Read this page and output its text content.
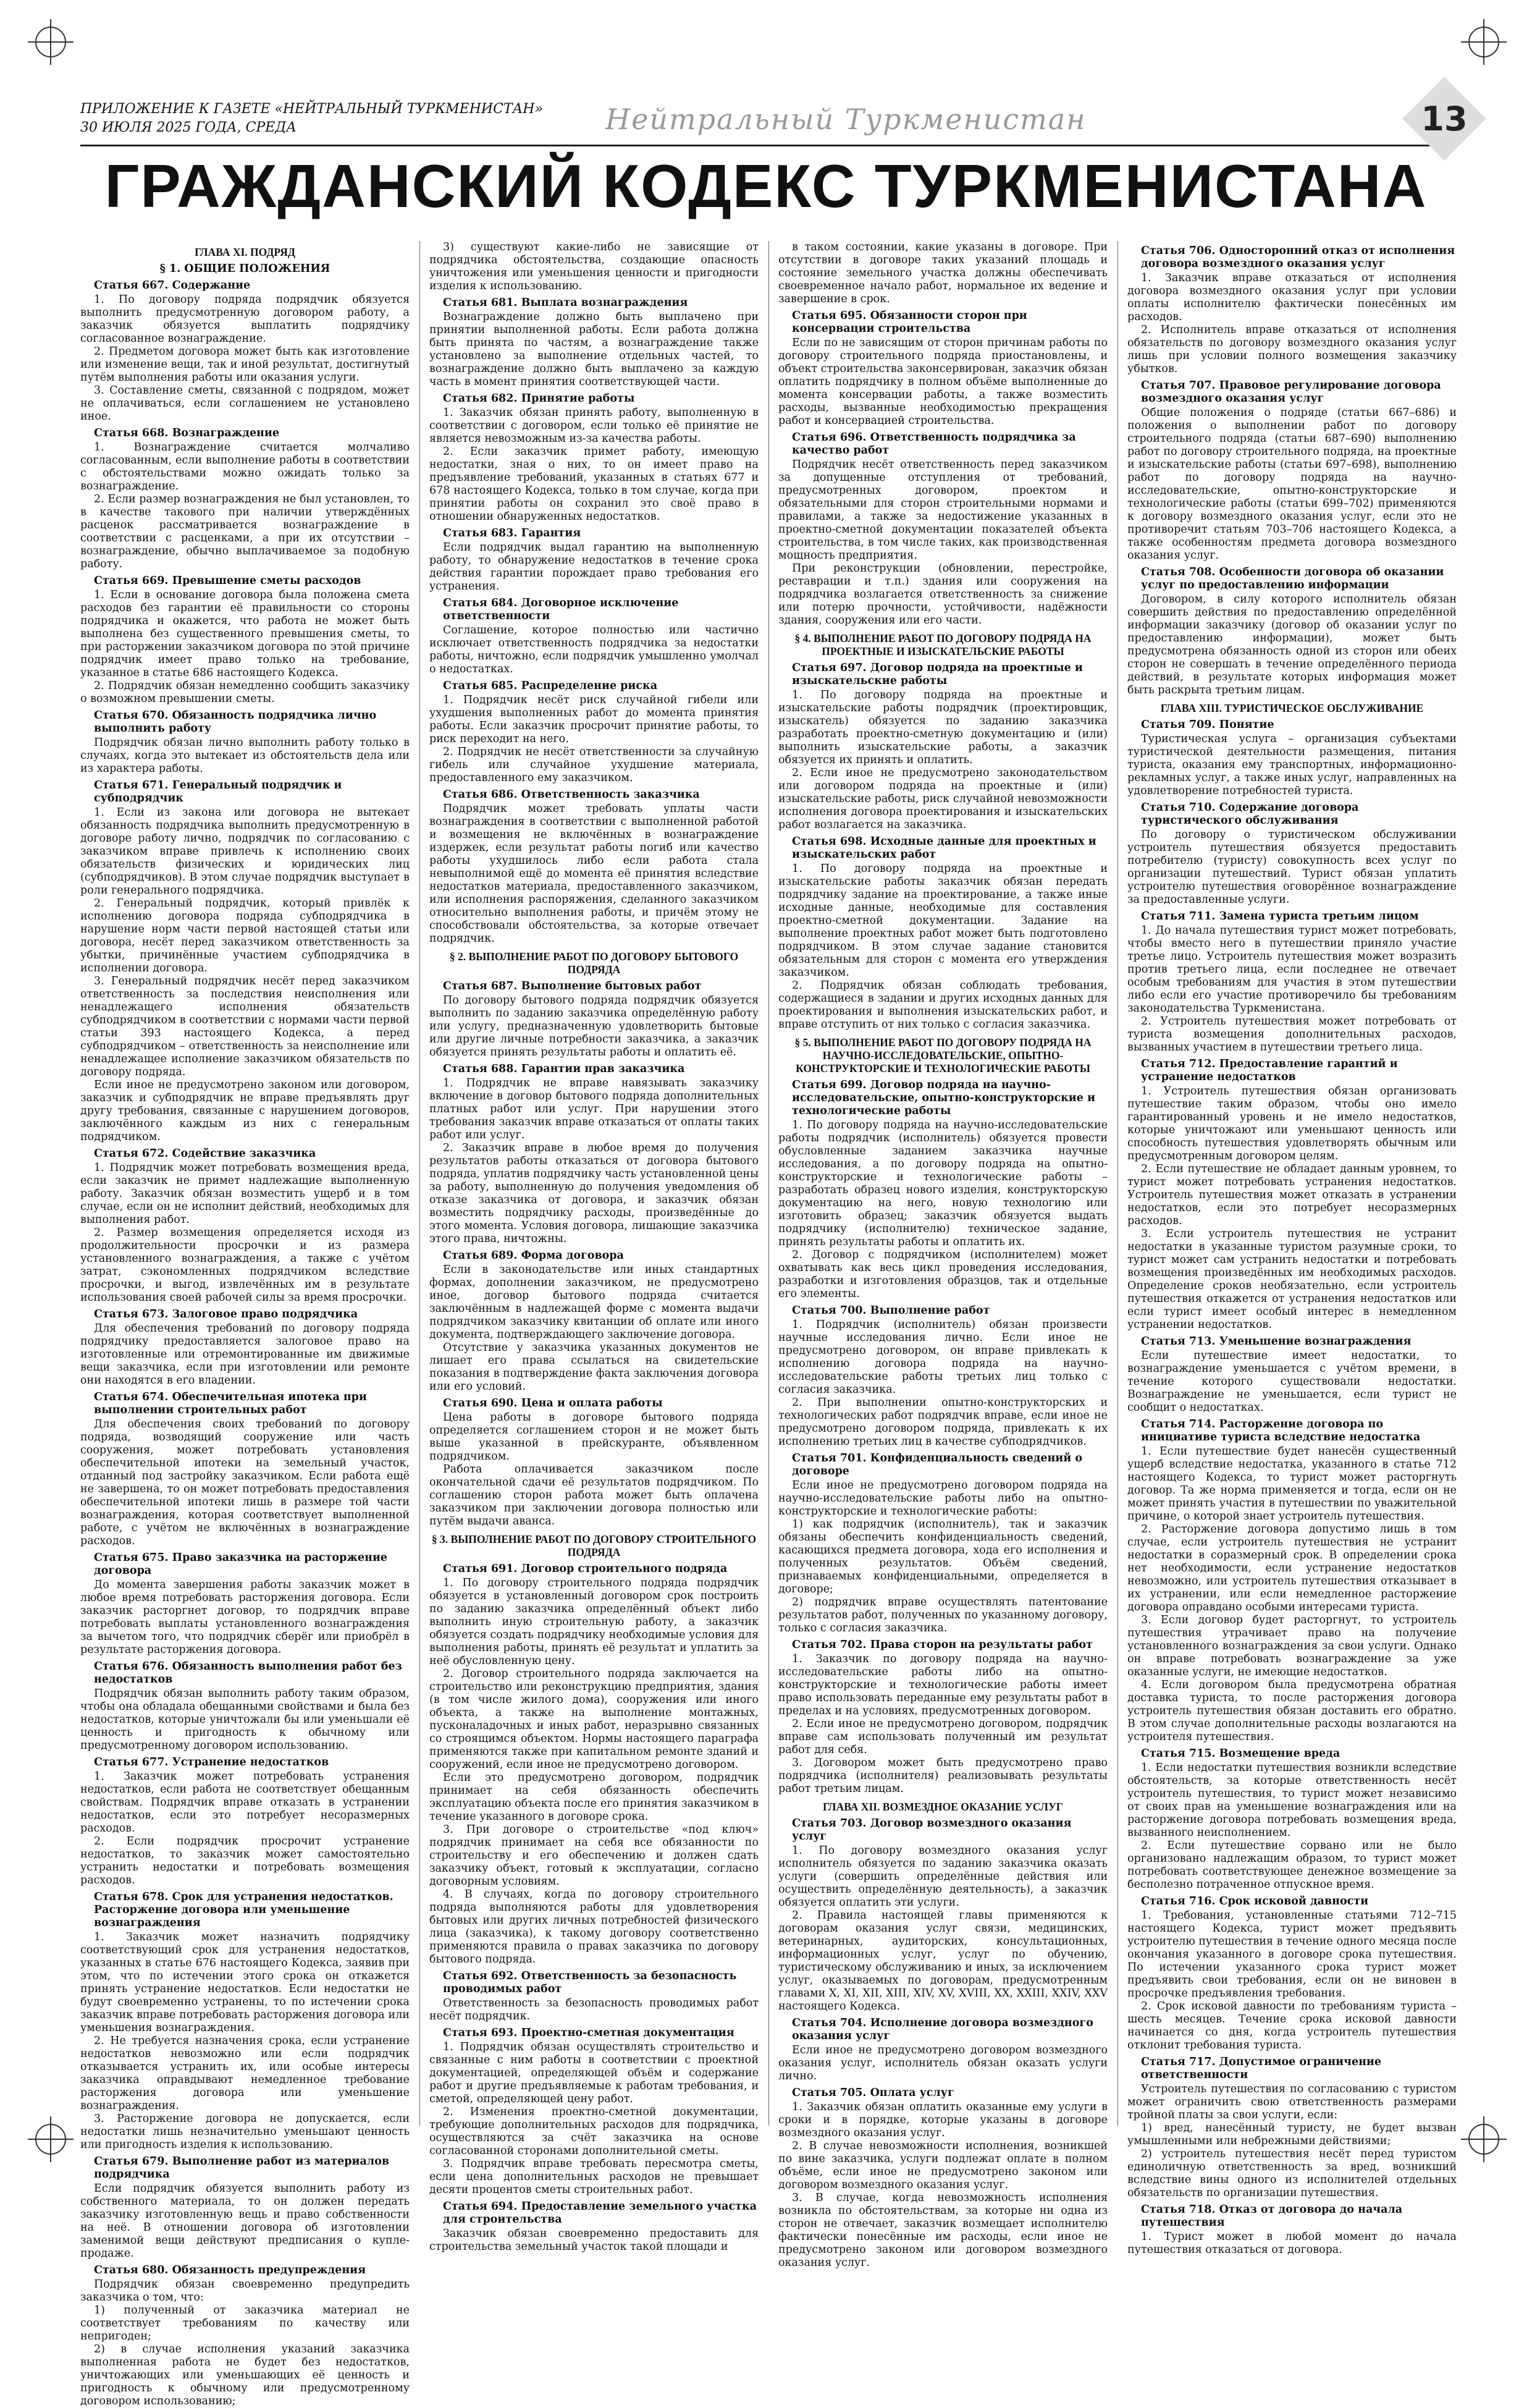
ПРИЛОЖЕНИЕ К ГАЗЕТЕ «НЕЙТРАЛЬНЫЙ ТУРКМЕНИСТАН»
30 ИЮЛЯ 2025 ГОДА, СРЕДА	Нейтральный Туркменистан	13
ГРАЖДАНСКИЙ КОДЕКС ТУРКМЕНИСТАНА
ГЛАВА XI. ПОДРЯД
§ 1. ОБЩИЕ ПОЛОЖЕНИЯ
Статья 667. Содержание

1. По договору подряда подрядчик обязуется выполнить предусмотренную договором работу, а заказчик обязуется выплатить подрядчику согласованное вознаграждение.

2. Предметом договора может быть как изготовление или изменение вещи, так и иной результат, достигнутый путём выполнения работы или оказания услуги.

3. Составление сметы, связанной с подрядом, может не оплачиваться, если соглашением не установлено иное.

Статья 668. Вознаграждение

1. Вознаграждение считается молчаливо согласованным, если выполнение работы в соответствии с обстоятельствами можно ожидать только за вознаграждение.

2. Если размер вознаграждения не был установлен, то в качестве такового при наличии утверждённых расценок рассматривается вознаграждение в соответствии с расценками, а при их отсутствии – вознаграждение, обычно выплачиваемое за подобную работу.

Статья 669. Превышение сметы расходов

1. Если в основание договора была положена смета расходов без гарантии её правильности со стороны подрядчика и окажется, что работа не может быть выполнена без существенного превышения сметы, то при расторжении заказчиком договора по этой причине подрядчик имеет право только на требование, указанное в статье 686 настоящего Кодекса.

2. Подрядчик обязан немедленно сообщить заказчику о возможном превышении сметы.

Статья 670. Обязанность подрядчика лично выполнить работу

Подрядчик обязан лично выполнить работу только в случаях, когда это вытекает из обстоятельств дела или из характера работы.

Статья 671. Генеральный подрядчик и субподрядчик

1. Если из закона или договора не вытекает обязанность подрядчика выполнить предусмотренную в договоре работу лично, подрядчик по согласованию с заказчиком вправе привлечь к исполнению своих обязательств физических и юридических лиц (субподрядчиков). В этом случае подрядчик выступает в роли генерального подрядчика.

2. Генеральный подрядчик, который привлёк к исполнению договора подряда субподрядчика в нарушение норм части первой настоящей статьи или договора, несёт перед заказчиком ответственность за убытки, причинённые участием субподрядчика в исполнении договора.

3. Генеральный подрядчик несёт перед заказчиком ответственность за последствия неисполнения или ненадлежащего исполнения обязательств субподрядчиком в соответствии с нормами части первой статьи 393 настоящего Кодекса, а перед субподрядчиком – ответственность за неисполнение или ненадлежащее исполнение заказчиком обязательств по договору подряда.

Если иное не предусмотрено законом или договором, заказчик и субподрядчик не вправе предъявлять друг другу требования, связанные с нарушением договоров, заключённого каждым из них с генеральным подрядчиком.

Статья 672. Содействие заказчика

1. Подрядчик может потребовать возмещения вреда, если заказчик не примет надлежащие выполненную работу. Заказчик обязан возместить ущерб и в том случае, если он не исполнит действий, необходимых для выполнения работ.

2. Размер возмещения определяется исходя из продолжительности просрочки и из размера установленного вознаграждения, а также с учётом затрат, сэкономленных подрядчиком вследствие просрочки, и выгод, извлечённых им в результате использования своей рабочей силы за время просрочки.

Статья 673. Залоговое право подрядчика

Для обеспечения требований по договору подряда подрядчику предоставляется залоговое право на изготовленные или отремонтированные им движимые вещи заказчика, если при изготовлении или ремонте они находятся в его владении.

Статья 674. Обеспечительная ипотека при выполнении строительных работ

Для обеспечения своих требований по договору подряда, возводящий сооружение или часть сооружения, может потребовать установления обеспечительной ипотеки на земельный участок, отданный под застройку заказчиком. Если работа ещё не завершена, то он может потребовать предоставления обеспечительной ипотеки лишь в размере той части вознаграждения, которая соответствует выполненной работе, с учётом не включённых в вознаграждение расходов.

Статья 675. Право заказчика на расторжение договора

До момента завершения работы заказчик может в любое время потребовать расторжения договора. Если заказчик расторгнет договор, то подрядчик вправе потребовать выплаты установленного вознаграждения за вычетом того, что подрядчик сберёг или приобрёл в результате расторжения договора.

Статья 676. Обязанность выполнения работ без недостатков

Подрядчик обязан выполнить работу таким образом, чтобы она обладала обещанными свойствами и была без недостатков, которые уничтожали бы или уменьшали её ценность и пригодность к обычному или предусмотренному договором использованию.

Статья 677. Устранение недостатков

1. Заказчик может потребовать устранения недостатков, если работа не соответствует обещанным свойствам. Подрядчик вправе отказать в устранении недостатков, если это потребует несоразмерных расходов.

2. Если подрядчик просрочит устранение недостатков, то заказчик может самостоятельно устранить недостатки и потребовать возмещения расходов.

Статья 678. Срок для устранения недостатков. Расторжение договора или уменьшение вознаграждения

1. Заказчик может назначить подрядчику соответствующий срок для устранения недостатков, указанных в статье 676 настоящего Кодекса, заявив при этом, что по истечении этого срока он откажется принять устранение недостатков. Если недостатки не будут своевременно устранены, то по истечении срока заказчик вправе потребовать расторжения договора или уменьшения вознаграждения.

2. Не требуется назначения срока, если устранение недостатков невозможно или если подрядчик отказывается устранить их, или особые интересы заказчика оправдывают немедленное требование расторжения договора или уменьшение вознаграждения.

3. Расторжение договора не допускается, если недостатки лишь незначительно уменьшают ценность или пригодность изделия к использованию.

Статья 679. Выполнение работ из материалов подрядчика

Если подрядчик обязуется выполнить работу из собственного материала, то он должен передать заказчику изготовленную вещь и право собственности на неё. В отношении договора об изготовлении заменимой вещи действуют предписания о купле-продаже.

Статья 680. Обязанность предупреждения

Подрядчик обязан своевременно предупредить заказчика о том, что:

1) полученный от заказчика материал не соответствует требованиям по качеству или непригоден;

2) в случае исполнения указаний заказчика выполненная работа не будет без недостатков, уничтожающих или уменьшающих её ценность и пригодность к обычному или предусмотренному договором использованию;

3) существуют какие-либо не зависящие от подрядчика обстоятельства, создающие опасность уничтожения или уменьшения ценности и пригодности изделия к использованию.

Статья 681. Выплата вознаграждения

Вознаграждение должно быть выплачено при принятии выполненной работы. Если работа должна быть принята по частям, а вознаграждение также установлено за выполнение отдельных частей, то вознаграждение должно быть выплачено за каждую часть в момент принятия соответствующей части.

Статья 682. Принятие работы

1. Заказчик обязан принять работу, выполненную в соответствии с договором, если только её принятие не является невозможным из-за качества работы.

2. Если заказчик примет работу, имеющую недостатки, зная о них, то он имеет право на предъявление требований, указанных в статьях 677 и 678 настоящего Кодекса, только в том случае, когда при принятии работы он сохранил это своё право в отношении обнаруженных недостатков.

Статья 683. Гарантия

Если подрядчик выдал гарантию на выполненную работу, то обнаружение недостатков в течение срока действия гарантии порождает право требования его устранения.

Статья 684. Договорное исключение ответственности

Соглашение, которое полностью или частично исключает ответственность подрядчика за недостатки работы, ничтожно, если подрядчик умышленно умолчал о недостатках.

Статья 685. Распределение риска

1. Подрядчик несёт риск случайной гибели или ухудшения выполненных работ до момента принятия работы. Если заказчик просрочит принятие работы, то риск переходит на него.

2. Подрядчик не несёт ответственности за случайную гибель или случайное ухудшение материала, предоставленного ему заказчиком.

Статья 686. Ответственность заказчика

Подрядчик может требовать уплаты части вознаграждения в соответствии с выполненной работой и возмещения не включённых в вознаграждение издержек, если результат работы погиб или качество работы ухудшилось либо если работа стала невыполнимой ещё до момента её принятия вследствие недостатков материала, предоставленного заказчиком, или исполнения распоряжения, сделанного заказчиком относительно выполнения работы, и причём этому не способствовали обстоятельства, за которые отвечает подрядчик.

§ 2. ВЫПОЛНЕНИЕ РАБОТ ПО ДОГОВОРУ БЫТОВОГО ПОДРЯДА
Статья 687. Выполнение бытовых работ

По договору бытового подряда подрядчик обязуется выполнить по заданию заказчика определённую работу или услугу, предназначенную удовлетворить бытовые или другие личные потребности заказчика, а заказчик обязуется принять результаты работы и оплатить её.

Статья 688. Гарантии прав заказчика

1. Подрядчик не вправе навязывать заказчику включение в договор бытового подряда дополнительных платных работ или услуг. При нарушении этого требования заказчик вправе отказаться от оплаты таких работ или услуг.

2. Заказчик вправе в любое время до получения результатов работы отказаться от договора бытового подряда, уплатив подрядчику часть установленной цены за работу, выполненную до получения уведомления об отказе заказчика от договора, и заказчик обязан возместить подрядчику расходы, произведённые до этого момента. Условия договора, лишающие заказчика этого права, ничтожны.

Статья 689. Форма договора

Если в законодательстве или иных стандартных формах, дополнении заказчиком, не предусмотрено иное, договор бытового подряда считается заключённым в надлежащей форме с момента выдачи подрядчиком заказчику квитанции об оплате или иного документа, подтверждающего заключение договора.

Отсутствие у заказчика указанных документов не лишает его права ссылаться на свидетельские показания в подтверждение факта заключения договора или его условий.

Статья 690. Цена и оплата работы

Цена работы в договоре бытового подряда определяется соглашением сторон и не может быть выше указанной в прейскуранте, объявленном подрядчиком.

Работа оплачивается заказчиком после окончательной сдачи её результатов подрядчиком. По соглашению сторон работа может быть оплачена заказчиком при заключении договора полностью или путём выдачи аванса.

§ 3. ВЫПОЛНЕНИЕ РАБОТ ПО ДОГОВОРУ СТРОИТЕЛЬНОГО ПОДРЯДА
Статья 691. Договор строительного подряда

1. По договору строительного подряда подрядчик обязуется в установленный договором срок построить по заданию заказчика определённый объект либо выполнить иную строительную работу, а заказчик обязуется создать подрядчику необходимые условия для выполнения работы, принять её результат и уплатить за неё обусловленную цену.

2. Договор строительного подряда заключается на строительство или реконструкцию предприятия, здания (в том числе жилого дома), сооружения или иного объекта, а также на выполнение монтажных, пусконаладочных и иных работ, неразрывно связанных со строящимся объектом. Нормы настоящего параграфа применяются также при капитальном ремонте зданий и сооружений, если иное не предусмотрено договором.

Если это предусмотрено договором, подрядчик принимает на себя обязанность обеспечить эксплуатацию объекта после его принятия заказчиком в течение указанного в договоре срока.

3. При договоре о строительстве «под ключ» подрядчик принимает на себя все обязанности по строительству и его обеспечению и должен сдать заказчику объект, готовый к эксплуатации, согласно договорным условиям.

4. В случаях, когда по договору строительного подряда выполняются работы для удовлетворения бытовых или других личных потребностей физического лица (заказчика), к такому договору соответственно применяются правила о правах заказчика по договору бытового подряда.

Статья 692. Ответственность за безопасность проводимых работ

Ответственность за безопасность проводимых работ несёт подрядчик.

Статья 693. Проектно-сметная документация

1. Подрядчик обязан осуществлять строительство и связанные с ним работы в соответствии с проектной документацией, определяющей объём и содержание работ и другие предъявляемые к работам требования, и сметой, определяющей цену работ.

2. Изменения проектно-сметной документации, требующие дополнительных расходов для подрядчика, осуществляются за счёт заказчика на основе согласованной сторонами дополнительной сметы.

3. Подрядчик вправе требовать пересмотра сметы, если цена дополнительных расходов не превышает десяти процентов сметы строительных работ.

Статья 694. Предоставление земельного участка для строительства

Заказчик обязан своевременно предоставить для строительства земельный участок такой площади и

в таком состоянии, какие указаны в договоре. При отсутствии в договоре таких указаний площадь и состояние земельного участка должны обеспечивать своевременное начало работ, нормальное их ведение и завершение в срок.

Статья 695. Обязанности сторон при консервации строительства

Если по не зависящим от сторон причинам работы по договору строительного подряда приостановлены, и объект строительства законсервирован, заказчик обязан оплатить подрядчику в полном объёме выполненные до момента консервации работы, а также возместить расходы, вызванные необходимостью прекращения работ и консервацией строительства.

Статья 696. Ответственность подрядчика за качество работ

Подрядчик несёт ответственность перед заказчиком за допущенные отступления от требований, предусмотренных договором, проектом и обязательными для сторон строительными нормами и правилами, а также за недостижение указанных в проектно-сметной документации показателей объекта строительства, в том числе таких, как производственная мощность предприятия.

При реконструкции (обновлении, перестройке, реставрации и т.п.) здания или сооружения на подрядчика возлагается ответственность за снижение или потерю прочности, устойчивости, надёжности здания, сооружения или его части.

§ 4. ВЫПОЛНЕНИЕ РАБОТ ПО ДОГОВОРУ ПОДРЯДА НА ПРОЕКТНЫЕ И ИЗЫСКАТЕЛЬСКИЕ РАБОТЫ
Статья 697. Договор подряда на проектные и изыскательские работы

1. По договору подряда на проектные и изыскательские работы подрядчик (проектировщик, изыскатель) обязуется по заданию заказчика разработать проектно-сметную документацию и (или) выполнить изыскательские работы, а заказчик обязуется их принять и оплатить.

2. Если иное не предусмотрено законодательством или договором подряда на проектные и (или) изыскательские работы, риск случайной невозможности исполнения договора проектирования и изыскательских работ возлагается на заказчика.

Статья 698. Исходные данные для проектных и изыскательских работ

1. По договору подряда на проектные и изыскательские работы заказчик обязан передать подрядчику задание на проектирование, а также иные исходные данные, необходимые для составления проектно-сметной документации. Задание на выполнение проектных работ может быть подготовлено подрядчиком. В этом случае задание становится обязательным для сторон с момента его утверждения заказчиком.

2. Подрядчик обязан соблюдать требования, содержащиеся в задании и других исходных данных для проектирования и выполнения изыскательских работ, и вправе отступить от них только с согласия заказчика.

§ 5. ВЫПОЛНЕНИЕ РАБОТ ПО ДОГОВОРУ ПОДРЯДА НА НАУЧНО-ИССЛЕДОВАТЕЛЬСКИЕ, ОПЫТНО-КОНСТРУКТОРСКИЕ И ТЕХНОЛОГИЧЕСКИЕ РАБОТЫ
Статья 699. Договор подряда на научно-исследовательские, опытно-конструкторские и технологические работы

1. По договору подряда на научно-исследовательские работы подрядчик (исполнитель) обязуется провести обусловленные заданием заказчика научные исследования, а по договору подряда на опытно-конструкторские и технологические работы – разработать образец нового изделия, конструкторскую документацию на него, новую технологию или изготовить образец; заказчик обязуется выдать подрядчику (исполнителю) техническое задание, принять результаты работы и оплатить их.

2. Договор с подрядчиком (исполнителем) может охватывать как весь цикл проведения исследования, разработки и изготовления образцов, так и отдельные его элементы.

Статья 700. Выполнение работ

1. Подрядчик (исполнитель) обязан произвести научные исследования лично. Если иное не предусмотрено договором, он вправе привлекать к исполнению договора подряда на научно-исследовательские работы третьих лиц только с согласия заказчика.

2. При выполнении опытно-конструкторских и технологических работ подрядчик вправе, если иное не предусмотрено договором подряда, привлекать к их исполнению третьих лиц в качестве субподрядчиков.

Статья 701. Конфиденциальность сведений о договоре

Если иное не предусмотрено договором подряда на научно-исследовательские работы либо на опытно-конструкторские и технологические работы:

1) как подрядчик (исполнитель), так и заказчик обязаны обеспечить конфиденциальность сведений, касающихся предмета договора, хода его исполнения и полученных результатов. Объём сведений, признаваемых конфиденциальными, определяется в договоре;

2) подрядчик вправе осуществлять патентование результатов работ, полученных по указанному договору, только с согласия заказчика.

Статья 702. Права сторон на результаты работ

1. Заказчик по договору подряда на научно-исследовательские работы либо на опытно-конструкторские и технологические работы имеет право использовать переданные ему результаты работ в пределах и на условиях, предусмотренных договором.

2. Если иное не предусмотрено договором, подрядчик вправе сам использовать полученный им результат работ для себя.

3. Договором может быть предусмотрено право подрядчика (исполнителя) реализовывать результаты работ третьим лицам.

ГЛАВА XII. ВОЗМЕЗДНОЕ ОКАЗАНИЕ УСЛУГ
Статья 703. Договор возмездного оказания услуг

1. По договору возмездного оказания услуг исполнитель обязуется по заданию заказчика оказать услуги (совершить определённые действия или осуществить определённую деятельность), а заказчик обязуется оплатить эти услуги.

2. Правила настоящей главы применяются к договорам оказания услуг связи, медицинских, ветеринарных, аудиторских, консультационных, информационных услуг, услуг по обучению, туристическому обслуживанию и иных, за исключением услуг, оказываемых по договорам, предусмотренным главами X, XI, XII, XIII, XIV, XV, XVIII, XX, XXIII, XXIV, XXV настоящего Кодекса.

Статья 704. Исполнение договора возмездного оказания услуг

Если иное не предусмотрено договором возмездного оказания услуг, исполнитель обязан оказать услуги лично.

Статья 705. Оплата услуг

1. Заказчик обязан оплатить оказанные ему услуги в сроки и в порядке, которые указаны в договоре возмездного оказания услуг.

2. В случае невозможности исполнения, возникшей по вине заказчика, услуги подлежат оплате в полном объёме, если иное не предусмотрено законом или договором возмездного оказания услуг.

3. В случае, когда невозможность исполнения возникла по обстоятельствам, за которые ни одна из сторон не отвечает, заказчик возмещает исполнителю фактически понесённые им расходы, если иное не предусмотрено законом или договором возмездного оказания услуг.

Статья 706. Односторонний отказ от исполнения договора возмездного оказания услуг

1. Заказчик вправе отказаться от исполнения договора возмездного оказания услуг при условии оплаты исполнителю фактически понесённых им расходов.

2. Исполнитель вправе отказаться от исполнения обязательств по договору возмездного оказания услуг лишь при условии полного возмещения заказчику убытков.

Статья 707. Правовое регулирование договора возмездного оказания услуг

Общие положения о подряде (статьи 667–686) и положения о выполнении работ по договору строительного подряда (статьи 687–690) выполнению работ по договору строительного подряда, на проектные и изыскательские работы (статьи 697–698), выполнению работ по договору подряда на научно-исследовательские, опытно-конструкторские и технологические работы (статьи 699–702) применяются к договору возмездного оказания услуг, если это не противоречит статьям 703–706 настоящего Кодекса, а также особенностям предмета договора возмездного оказания услуг.

Статья 708. Особенности договора об оказании услуг по предоставлению информации

Договором, в силу которого исполнитель обязан совершить действия по предоставлению определённой информации заказчику (договор об оказании услуг по предоставлению информации), может быть предусмотрена обязанность одной из сторон или обеих сторон не совершать в течение определённого периода действий, в результате которых информация может быть раскрыта третьим лицам.

ГЛАВА XIII. ТУРИСТИЧЕСКОЕ ОБСЛУЖИВАНИЕ
Статья 709. Понятие

Туристическая услуга – организация субъектами туристической деятельности размещения, питания туриста, оказания ему транспортных, информационно-рекламных услуг, а также иных услуг, направленных на удовлетворение потребностей туриста.

Статья 710. Содержание договора туристического обслуживания

По договору о туристическом обслуживании устроитель путешествия обязуется предоставить потребителю (туристу) совокупность всех услуг по организации путешествий. Турист обязан уплатить устроителю путешествия оговорённое вознаграждение за предоставленные услуги.

Статья 711. Замена туриста третьим лицом

1. До начала путешествия турист может потребовать, чтобы вместо него в путешествии приняло участие третье лицо. Устроитель путешествия может возразить против третьего лица, если последнее не отвечает особым требованиям для участия в этом путешествии либо если его участие противоречило бы требованиям законодательства Туркменистана.

2. Устроитель путешествия может потребовать от туриста возмещения дополнительных расходов, вызванных участием в путешествии третьего лица.

Статья 712. Предоставление гарантий и устранение недостатков

1. Устроитель путешествия обязан организовать путешествие таким образом, чтобы оно имело гарантированный уровень и не имело недостатков, которые уничтожают или уменьшают ценность или способность путешествия удовлетворять обычным или предусмотренным договором целям.

2. Если путешествие не обладает данным уровнем, то турист может потребовать устранения недостатков. Устроитель путешествия может отказать в устранении недостатков, если это потребует несоразмерных расходов.

3. Если устроитель путешествия не устранит недостатки в указанные туристом разумные сроки, то турист может сам устранить недостатки и потребовать возмещения произведённых им необходимых расходов. Определение сроков необязательно, если устроитель путешествия откажется от устранения недостатков или если турист имеет особый интерес в немедленном устранении недостатков.

Статья 713. Уменьшение вознаграждения

Если путешествие имеет недостатки, то вознаграждение уменьшается с учётом времени, в течение которого существовали недостатки. Вознаграждение не уменьшается, если турист не сообщит о недостатках.

Статья 714. Расторжение договора по инициативе туриста вследствие недостатка

1. Если путешествие будет нанесён существенный ущерб вследствие недостатка, указанного в статье 712 настоящего Кодекса, то турист может расторгнуть договор. Та же норма применяется и тогда, если он не может принять участия в путешествии по уважительной причине, о которой знает устроитель путешествия.

2. Расторжение договора допустимо лишь в том случае, если устроитель путешествия не устранит недостатки в соразмерный срок. В определении срока нет необходимости, если устранение недостатков невозможно, или устроитель путешествия отказывает в их устранении, или если немедленное расторжение договора оправдано особыми интересами туриста.

3. Если договор будет расторгнут, то устроитель путешествия утрачивает право на получение установленного вознаграждения за свои услуги. Однако он вправе потребовать вознаграждение за уже оказанные услуги, не имеющие недостатков.

4. Если договором была предусмотрена обратная доставка туриста, то после расторжения договора устроитель путешествия обязан доставить его обратно. В этом случае дополнительные расходы возлагаются на устроителя путешествия.

Статья 715. Возмещение вреда

1. Если недостатки путешествия возникли вследствие обстоятельств, за которые ответственность несёт устроитель путешествия, то турист может независимо от своих прав на уменьшение вознаграждения или на расторжение договора потребовать возмещения вреда, вызванного неисполнением.

2. Если путешествие сорвано или не было организовано надлежащим образом, то турист может потребовать соответствующее денежное возмещение за бесполезно потраченное отпускное время.

Статья 716. Срок исковой давности

1. Требования, установленные статьями 712–715 настоящего Кодекса, турист может предъявить устроителю путешествия в течение одного месяца после окончания указанного в договоре срока путешествия. По истечении указанного срока турист может предъявить свои требования, если он не виновен в просрочке предъявления требования.

2. Срок исковой давности по требованиям туриста – шесть месяцев. Течение срока исковой давности начинается со дня, когда устроитель путешествия отклонит требования туриста.

Статья 717. Допустимое ограничение ответственности

Устроитель путешествия по согласованию с туристом может ограничить свою ответственность размерами тройной платы за свои услуги, если:

1) вред, нанесённый туристу, не будет вызван умышленными или небрежными действиями;

2) устроитель путешествия несёт перед туристом единоличную ответственность за вред, возникший вследствие вины одного из исполнителей отдельных обязательств по организации путешествия.

Статья 718. Отказ от договора до начала путешествия

1. Турист может в любой момент до начала путешествия отказаться от договора.
